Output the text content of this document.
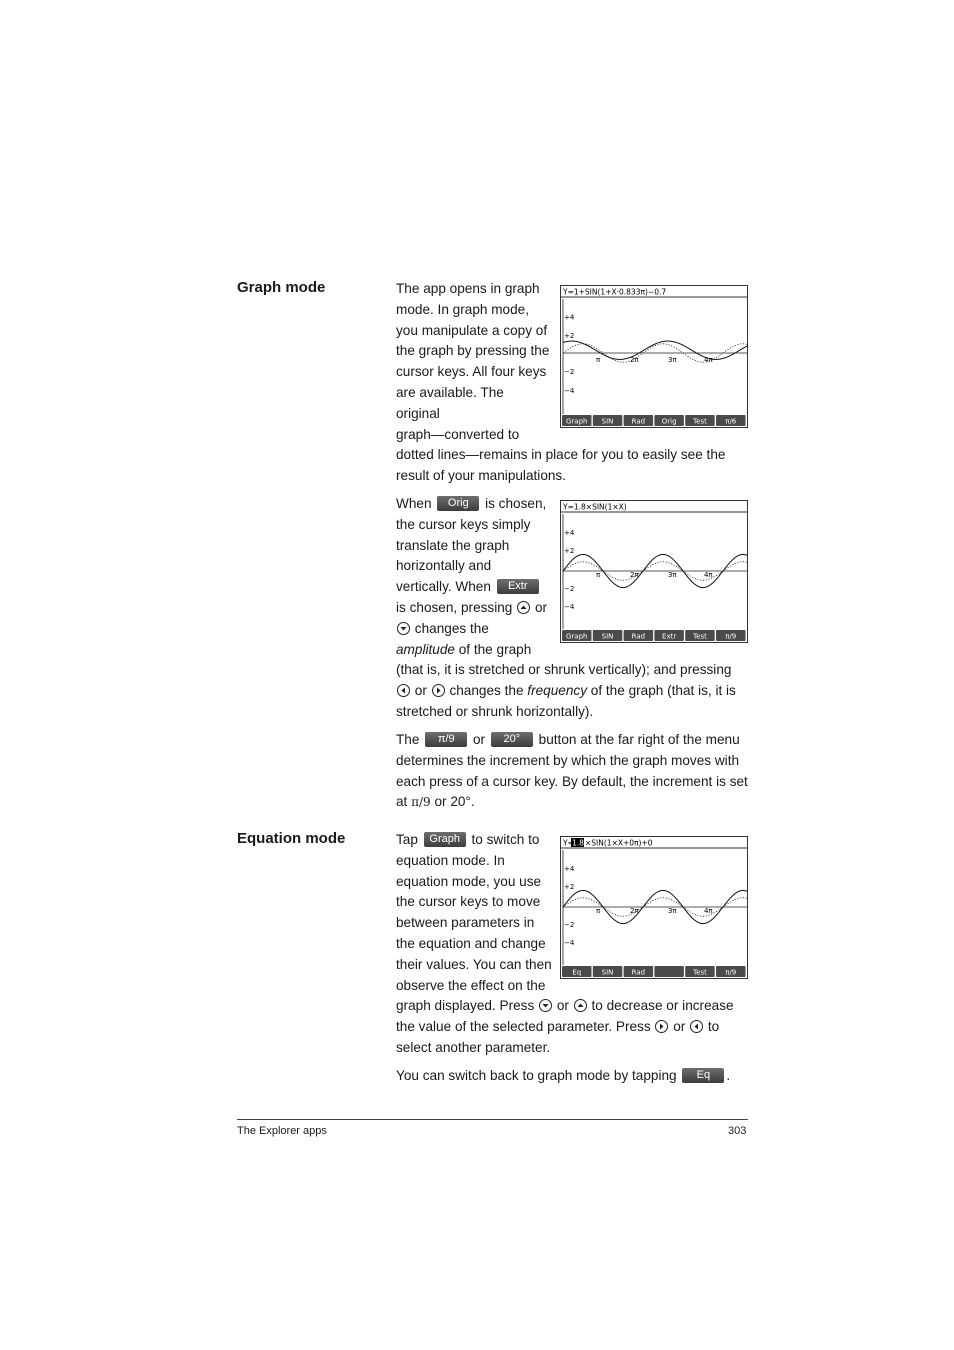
Graph mode
Equation mode
The app opens in graph
mode. In graph mode,
you manipulate a copy of
the graph by pressing the
cursor keys. All four keys
are available. The
original
graph—converted to
dotted lines—remains in place for you to easily see the
result of your manipulations.
When Orig is chosen,
the cursor keys simply
translate the graph
horizontally and
vertically. When Extr
is chosen, pressing or
changes the
amplitude of the graph
(that is, it is stretched or shrunk vertically); and pressing
or changes the frequency of the graph (that is, it is
stretched or shrunk horizontally).
The π/9 or 20° button at the far right of the menu
determines the increment by which the graph moves with
each press of a cursor key. By default, the increment is set
at π/9 or 20°.
Tap Graph to switch to
equation mode. In
equation mode, you use
the cursor keys to move
between parameters in
the equation and change
their values. You can then
observe the effect on the
graph displayed. Press or to decrease or increase
the value of the selected parameter. Press or to
select another parameter.
You can switch back to graph mode by tapping Eq .
Y=1+SIN(1+X·0.833π)−0.7
+4
+2
−2
−4
π	2π	3π	4π
Graph SIN	Rad Orig Test	π/6
Y=1.8×SIN(1×X)
+4
+2
−2
−4
π	2π	3π	4π
Graph SIN	Rad Extr Test	π/9
Y=
1.8 ×SIN(1×X+0π)+0
+4
+2
−2
−4
π	2π	3π	4π
Eq	SIN	Rad	Test	π/9
The Explorer apps	303
